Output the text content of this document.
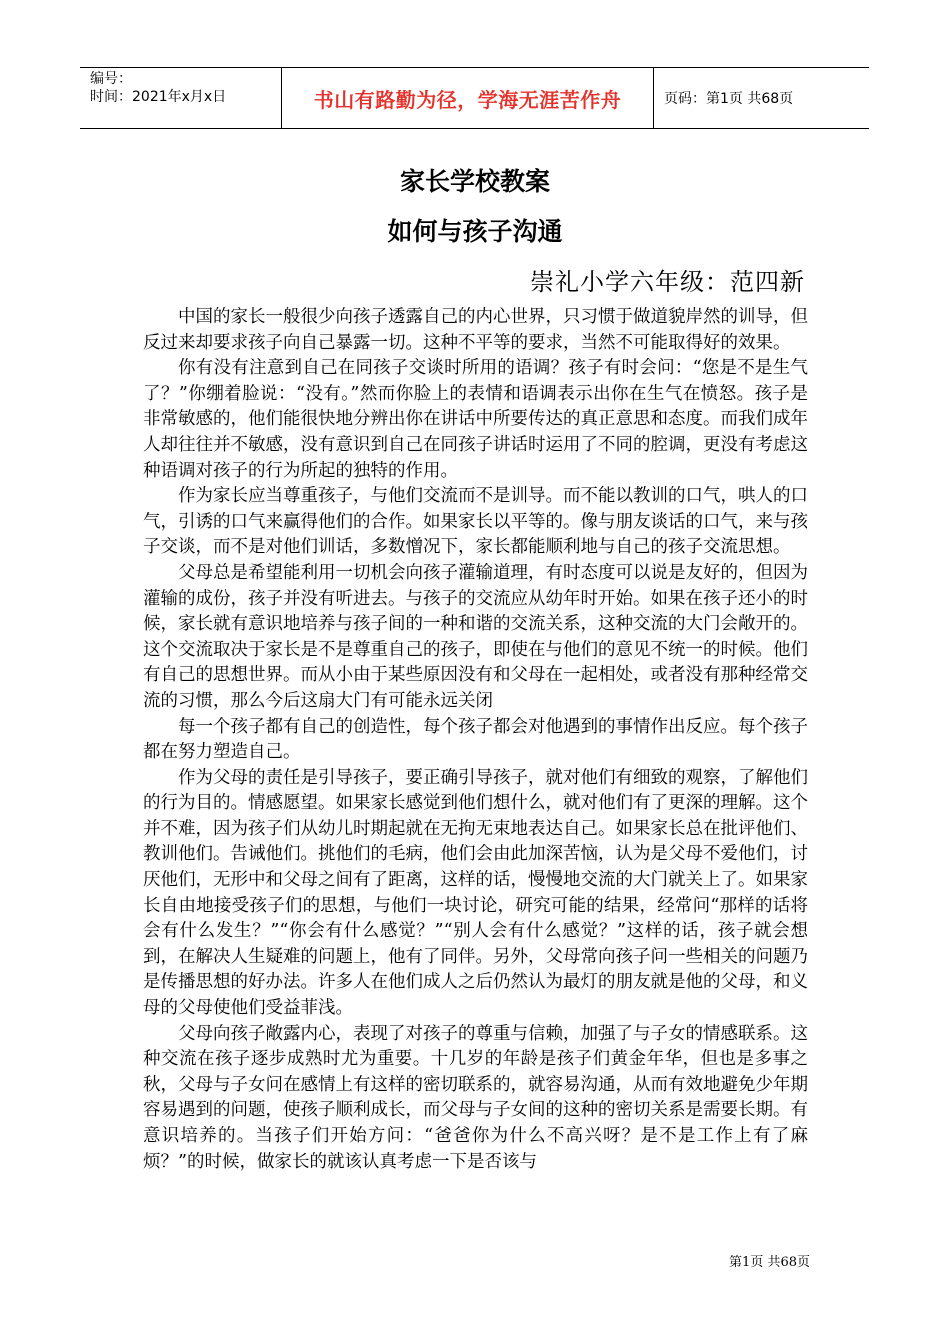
编号：
时间：2021年x月x日	书山有路勤为径，学海无涯苦作舟	页码：第1页 共68页
家长学校教案
如何与孩子沟通
崇礼小学六年级：范四新

中国的家长一般很少向孩子透露自己的内心世界，只习惯于做道貌岸然的训导，但反过来却要求孩子向自己暴露一切。这种不平等的要求，当然不可能取得好的效果。

你有没有注意到自己在同孩子交谈时所用的语调？孩子有时会问：“您是不是生气了？”你绷着脸说：“没有。”然而你脸上的表情和语调表示出你在生气在愤怒。孩子是非常敏感的，他们能很快地分辨出你在讲话中所要传达的真正意思和态度。而我们成年人却往往并不敏感，没有意识到自己在同孩子讲话时运用了不同的腔调，更没有考虑这种语调对孩子的行为所起的独特的作用。

作为家长应当尊重孩子，与他们交流而不是训导。而不能以教训的口气，哄人的口气，引诱的口气来赢得他们的合作。如果家长以平等的。像与朋友谈话的口气，来与孩子交谈，而不是对他们训话，多数憎况下，家长都能顺利地与自己的孩子交流思想。

父母总是希望能利用一切机会向孩子灌输道理，有时态度可以说是友好的，但因为灌输的成份，孩子并没有听进去。与孩子的交流应从幼年时开始。如果在孩子还小的时候，家长就有意识地培养与孩子间的一种和谐的交流关系，这种交流的大门会敞开的。这个交流取决于家长是不是尊重自己的孩子，即使在与他们的意见不统一的时候。他们有自己的思想世界。而从小由于某些原因没有和父母在一起相处，或者没有那种经常交流的习惯，那么今后这扇大门有可能永远关闭

每一个孩子都有自己的创造性，每个孩子都会对他遇到的事情作出反应。每个孩子都在努力塑造自己。

作为父母的责任是引导孩子，要正确引导孩子，就对他们有细致的观察，了解他们的行为目的。情感愿望。如果家长感觉到他们想什么，就对他们有了更深的理解。这个并不难，因为孩子们从幼儿时期起就在无拘无束地表达自己。如果家长总在批评他们、教训他们。告诫他们。挑他们的毛病，他们会由此加深苦恼，认为是父母不爱他们，讨厌他们，无形中和父母之间有了距离，这样的话，慢慢地交流的大门就关上了。如果家长自由地接受孩子们的思想，与他们一块讨论，研究可能的结果，经常问“那样的话将会有什么发生？”“你会有什么感觉？”“别人会有什么感觉？”这样的话，孩子就会想到，在解决人生疑难的问题上，他有了同伴。另外，父母常向孩子问一些相关的问题乃是传播思想的好办法。许多人在他们成人之后仍然认为最灯的朋友就是他的父母，和义母的父母使他们受益菲浅。

父母向孩子敞露内心，表现了对孩子的尊重与信赖，加强了与子女的情感联系。这种交流在孩子逐步成熟时尤为重要。十几岁的年龄是孩子们黄金年华，但也是多事之秋，父母与子女问在感情上有这样的密切联系的，就容易沟通，从而有效地避免少年期容易遇到的问题，使孩子顺利成长，而父母与子女间的这种的密切关系是需要长期。有意识培养的。当孩子们开始方问：“爸爸你为什么不高兴呀？是不是工作上有了麻烦？”的时候，做家长的就该认真考虑一下是否该与

第1页 共68页
